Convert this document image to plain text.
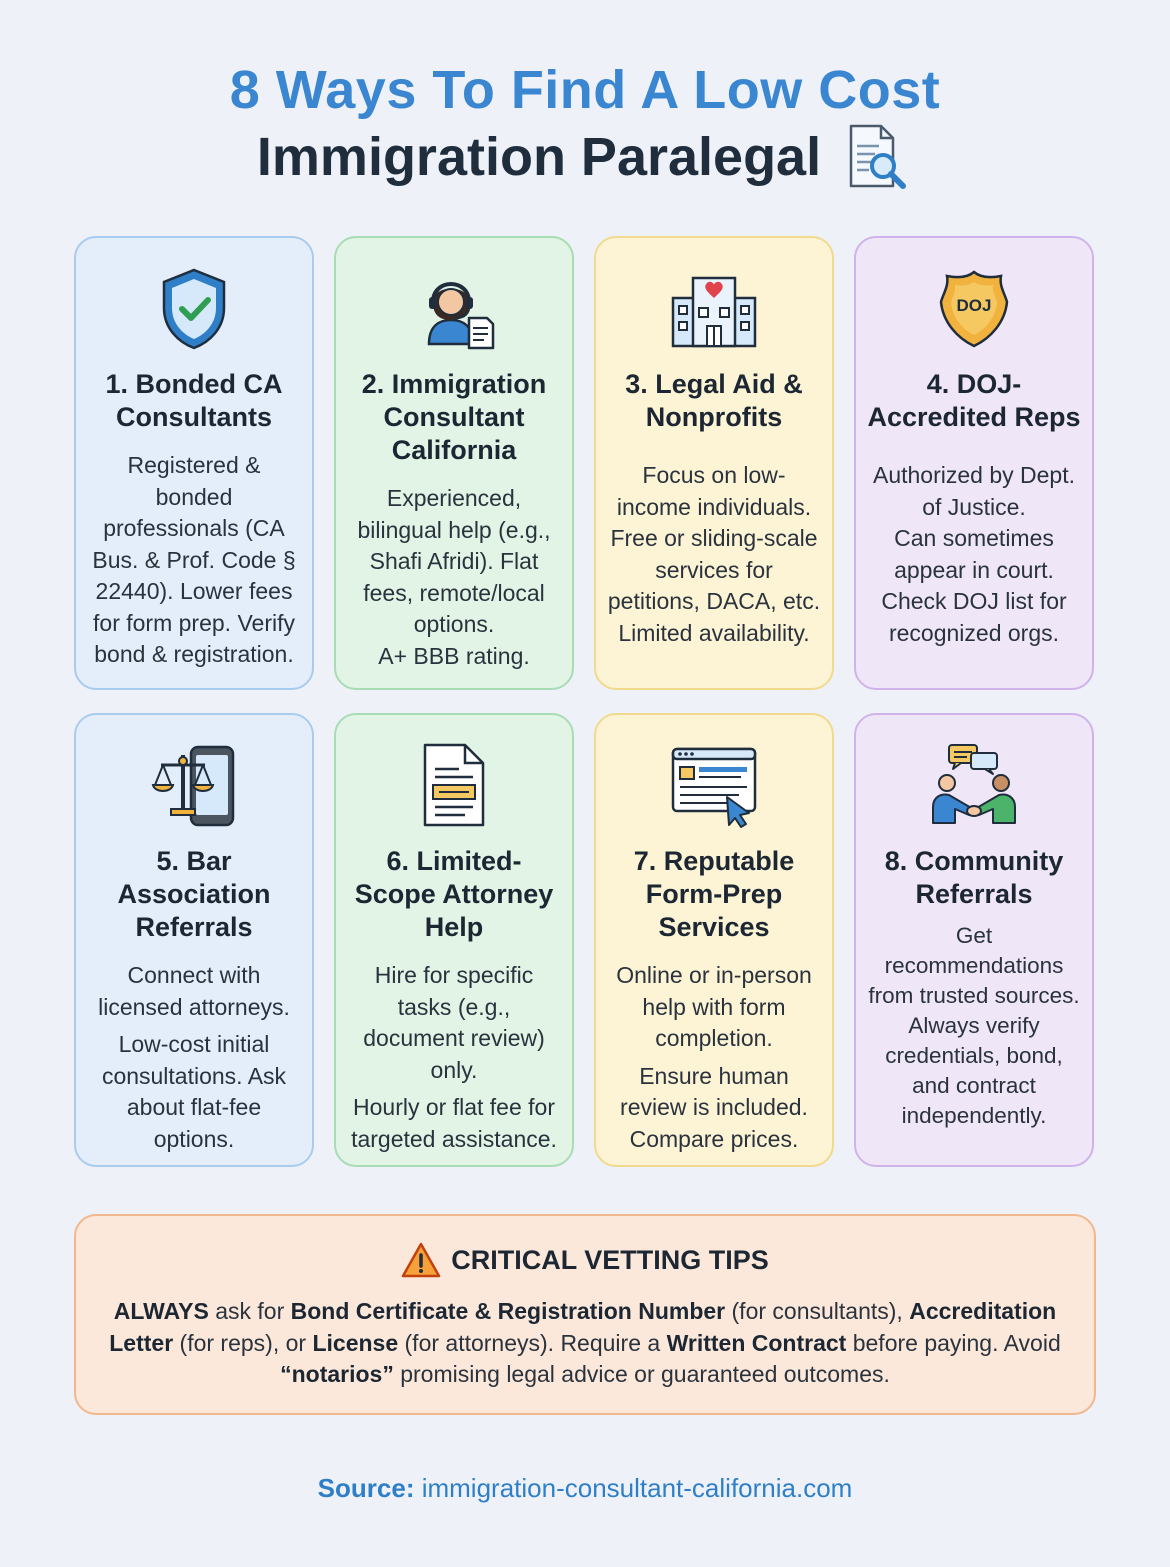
8 Ways To Find A Low Cost
Immigration Paralegal
1. Bonded CA Consultants

Registered & bonded professionals (CA Bus. & Prof. Code § 22440). Lower fees for form prep. Verify bond & registration.

2. Immigration Consultant California

Experienced, bilingual help (e.g., Shafi Afridi). Flat fees, remote/local options.

A+ BBB rating.

3. Legal Aid & Nonprofits

Focus on low-income individuals. Free or sliding-scale services for petitions, DACA, etc.

Limited availability.

DOJ
4. DOJ-Accredited Reps

Authorized by Dept. of Justice.

Can sometimes appear in court. Check DOJ list for recognized orgs.

5. Bar Association Referrals

Connect with licensed attorneys.

Low-cost initial consultations. Ask about flat-fee options.

6. Limited-Scope Attorney Help

Hire for specific tasks (e.g., document review) only.

Hourly or flat fee for targeted assistance.

7. Reputable Form-Prep Services

Online or in-person help with form completion.

Ensure human review is included. Compare prices.

8. Community Referrals

Get recommendations from trusted sources.

Always verify credentials, bond, and contract independently.

CRITICAL VETTING TIPS
ALWAYS ask for Bond Certificate & Registration Number (for consultants), Accreditation Letter (for reps), or License (for attorneys). Require a Written Contract before paying. Avoid “notarios” promising legal advice or guaranteed outcomes.
Source: immigration-consultant-california.com
